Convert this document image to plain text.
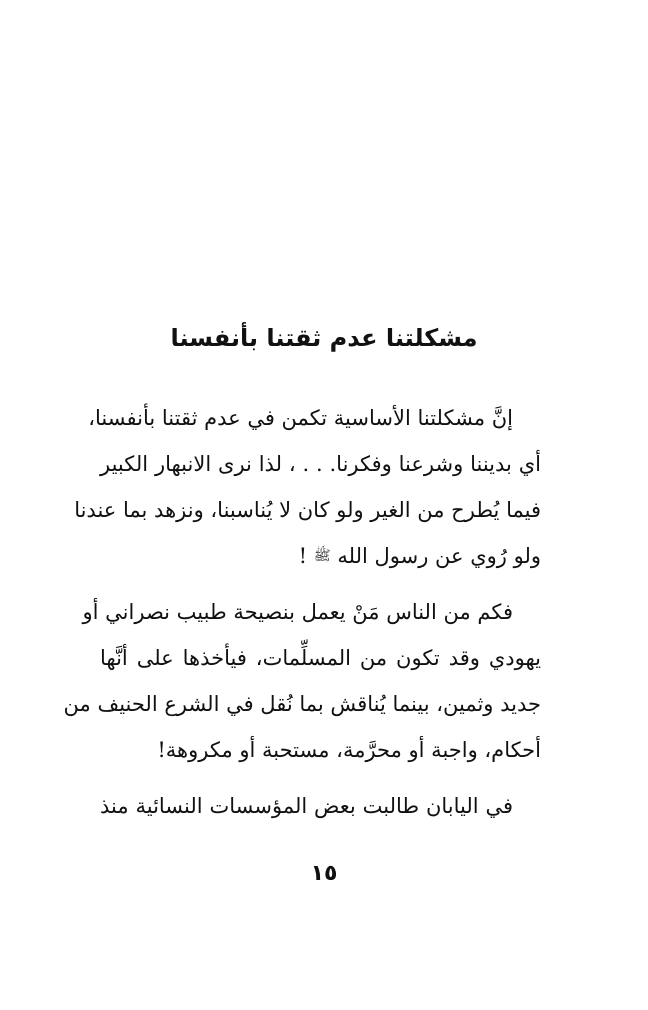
مشكلتنا عدم ثقتنا بأنفسنا
إنَّ مشكلتنا الأساسية تكمن في عدم ثقتنا بأنفسنا،
أي بديننا وشرعنا وفكرنا. . . ، لذا نرى الانبهار الكبير
فيما يُطرح من الغير ولو كان لا يُناسبنا، ونزهد بما عندنا
ولو رُوي عن رسول الله ﷺ !
فكم من الناس مَنْ يعمل بنصيحة طبيب نصراني أو
يهودي وقد تكون من المسلِّمات، فيأخذها على أنَّها
جديد وثمين، بينما يُناقش بما نُقل في الشرع الحنيف من
أحكام، واجبة أو محرَّمة، مستحبة أو مكروهة!
في اليابان طالبت بعض المؤسسات النسائية منذ
١٥
